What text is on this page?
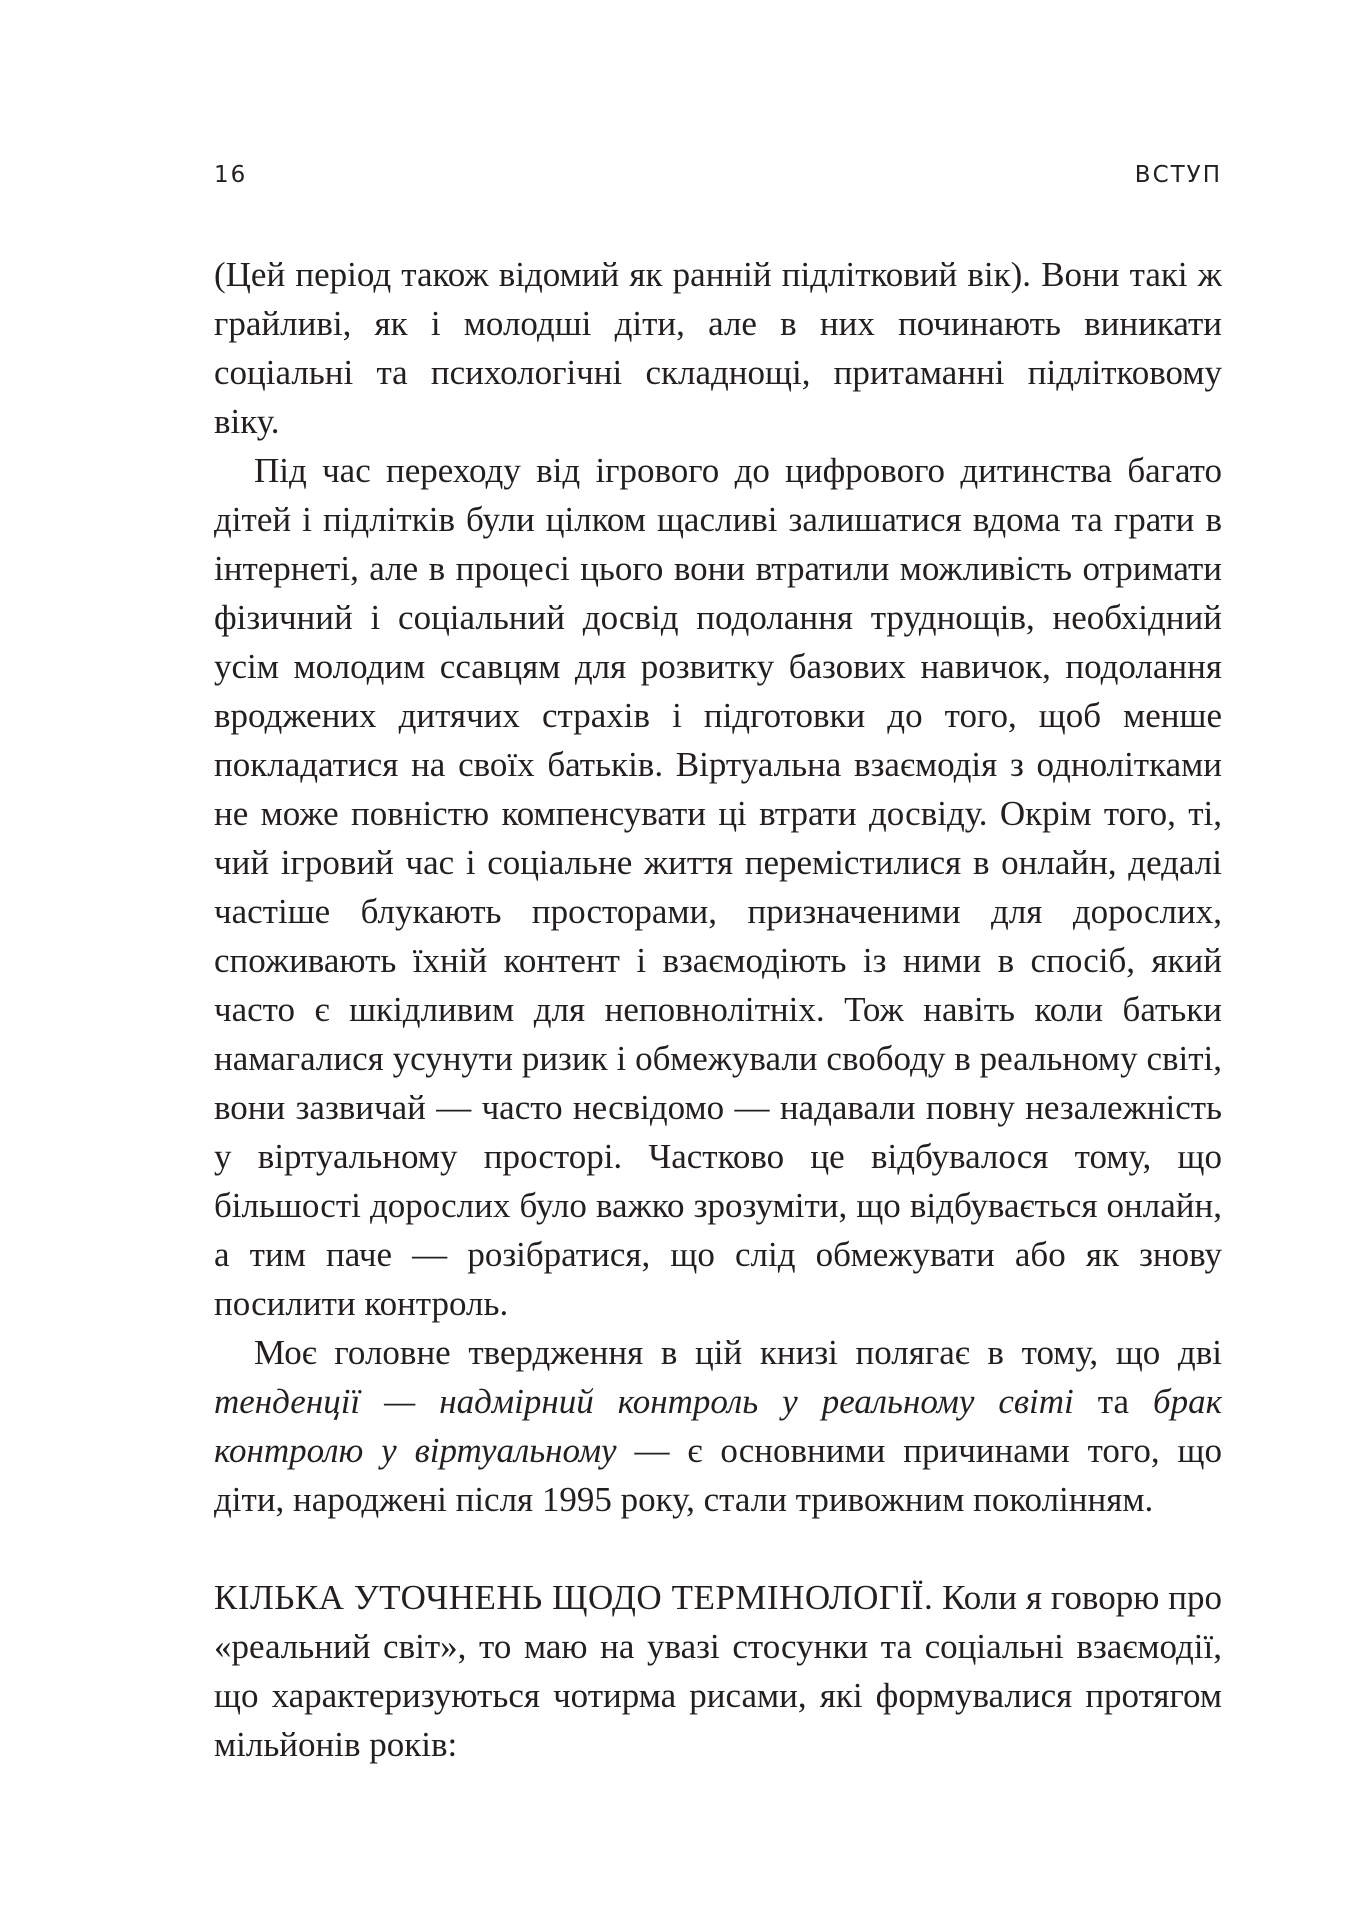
16	ВСТУП

(Цей період також відомий як ранній підлітковий вік). Вони такі ж грайливі, як і молодші діти, але в них починають виникати соціальні та психологічні складнощі, притаманні підлітковому віку.

Під час переходу від ігрового до цифрового дитинства багато дітей і підлітків були цілком щасливі залишатися вдома та грати в інтернеті, але в процесі цього вони втратили можливість отримати фізичний і соціальний досвід подолання труднощів, необхідний усім молодим ссавцям для розвитку базових навичок, подолання вроджених дитячих страхів і підготовки до того, щоб менше покладатися на своїх батьків. Віртуальна взаємодія з однолітками не може повністю компенсувати ці втрати досвіду. Окрім того, ті, чий ігровий час і соціальне життя перемістилися в онлайн, дедалі частіше блукають просторами, призначеними для дорослих, споживають їхній контент і взаємодіють із ними в спосіб, який часто є шкідливим для неповнолітніх. Тож навіть коли батьки намагалися усунути ризик і обмежували свободу в реальному світі, вони зазвичай — часто несвідомо — надавали повну незалежність у віртуальному просторі. Частково це відбувалося тому, що більшості дорослих було важко зрозуміти, що відбувається онлайн, а тим паче — розібратися, що слід обмежувати або як знову посилити контроль.

Моє головне твердження в цій книзі полягає в тому, що дві тенденції — надмірний контроль у реальному світі та брак контролю у віртуальному — є основними причинами того, що діти, народжені після 1995 року, стали тривожним поколінням.

КІЛЬКА УТОЧНЕНЬ ЩОДО ТЕРМІНОЛОГІЇ. Коли я говорю про «реальний світ», то маю на увазі стосунки та соціальні взаємодії, що характеризуються чотирма рисами, які формувалися протягом мільйонів років:
